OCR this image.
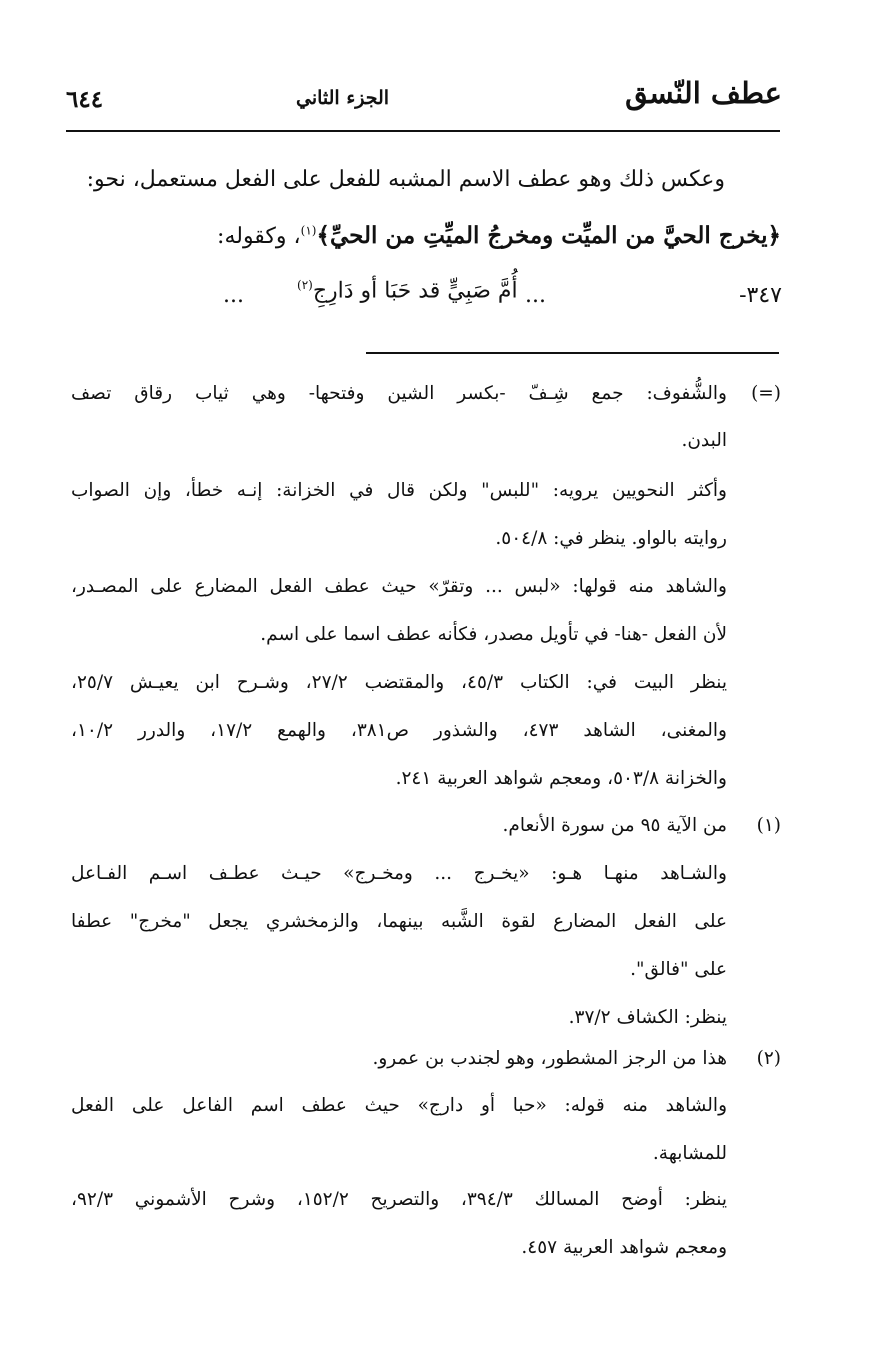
عطف النّسق
الجزء الثاني
٦٤٤
وعكس ذلك وهو عطف الاسم المشبه للفعل على الفعل مستعمل، نحو:
﴿يخرج الحيَّ من الميِّت ومخرجُ الميِّتِ من الحيِّ﴾$^{(١)}$، وكقوله:
٣٤٧-
...
أُمَّ صَبِيٍّ قد حَبَا أو دَارِجِ$^{(٢)}$
...
(=)
والشُّفوف: جمع شِـفّ -بكسر الشين وفتحها- وهي ثياب رقاق تصف
البدن.
وأكثر النحويين يرويه: "للبس" ولكن قال في الخزانة: إنـه خطأ، وإن الصواب
روايته بالواو. ينظر في: ٥٠٤/٨.
والشاهد منه قولها: «لبس ... وتقرّ» حيث عطف الفعل المضارع على المصـدر،
لأن الفعل -هنا- في تأويل مصدر، فكأنه عطف اسما على اسم.
ينظر البيت في: الكتاب ٤٥/٣، والمقتضب ٢٧/٢، وشـرح ابن يعيـش ٢٥/٧،
والمغنى، الشاهد ٤٧٣، والشذور ص٣٨١، والهمع ١٧/٢، والدرر ١٠/٢،
والخزانة ٥٠٣/٨، ومعجم شواهد العربية ٢٤١.
(١)
من الآية ٩٥ من سورة الأنعام.
والشـاهد منهـا هـو: «يخـرج ... ومخـرج» حيـث عطـف اسـم الفـاعل
على الفعل المضارع لقوة الشَّبه بينهما، والزمخشري يجعل "مخرج" عطفا
على "فالق".
ينظر: الكشاف ٣٧/٢.
(٢)
هذا من الرجز المشطور، وهو لجندب بن عمرو.
والشاهد منه قوله: «حبا أو دارج» حيث عطف اسم الفاعل على الفعل
للمشابهة.
ينظر: أوضح المسالك ٣٩٤/٣، والتصريح ١٥٢/٢، وشرح الأشموني ٩٢/٣،
ومعجم شواهد العربية ٤٥٧.
